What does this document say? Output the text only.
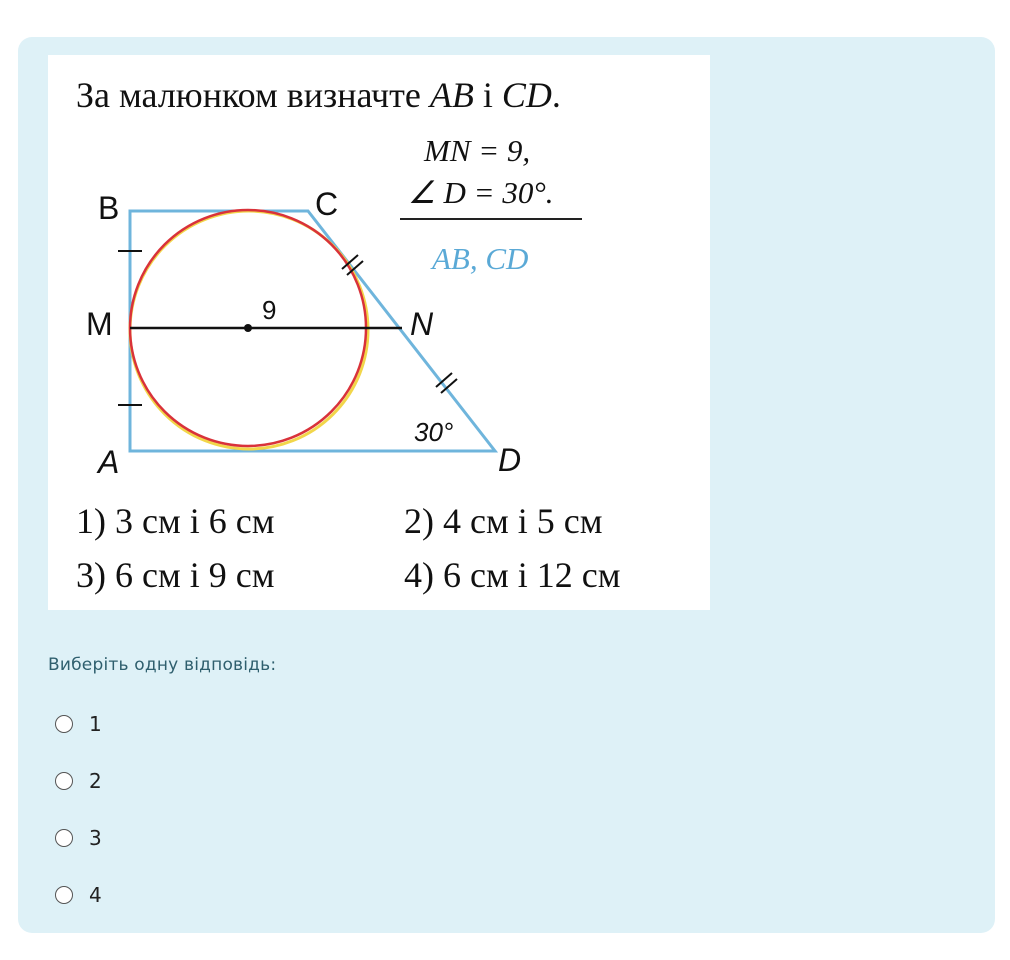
За малюнком визначте AB і CD.
MN = 9,
∠ D = 30°.
AB, CD
B	C
M	N
A	D
9
30°
1) 3 см і 6 см	2) 4 см і 5 см
3) 6 см і 9 см	4) 6 см і 12 см
Виберіть одну відповідь:
1
2
3
4
